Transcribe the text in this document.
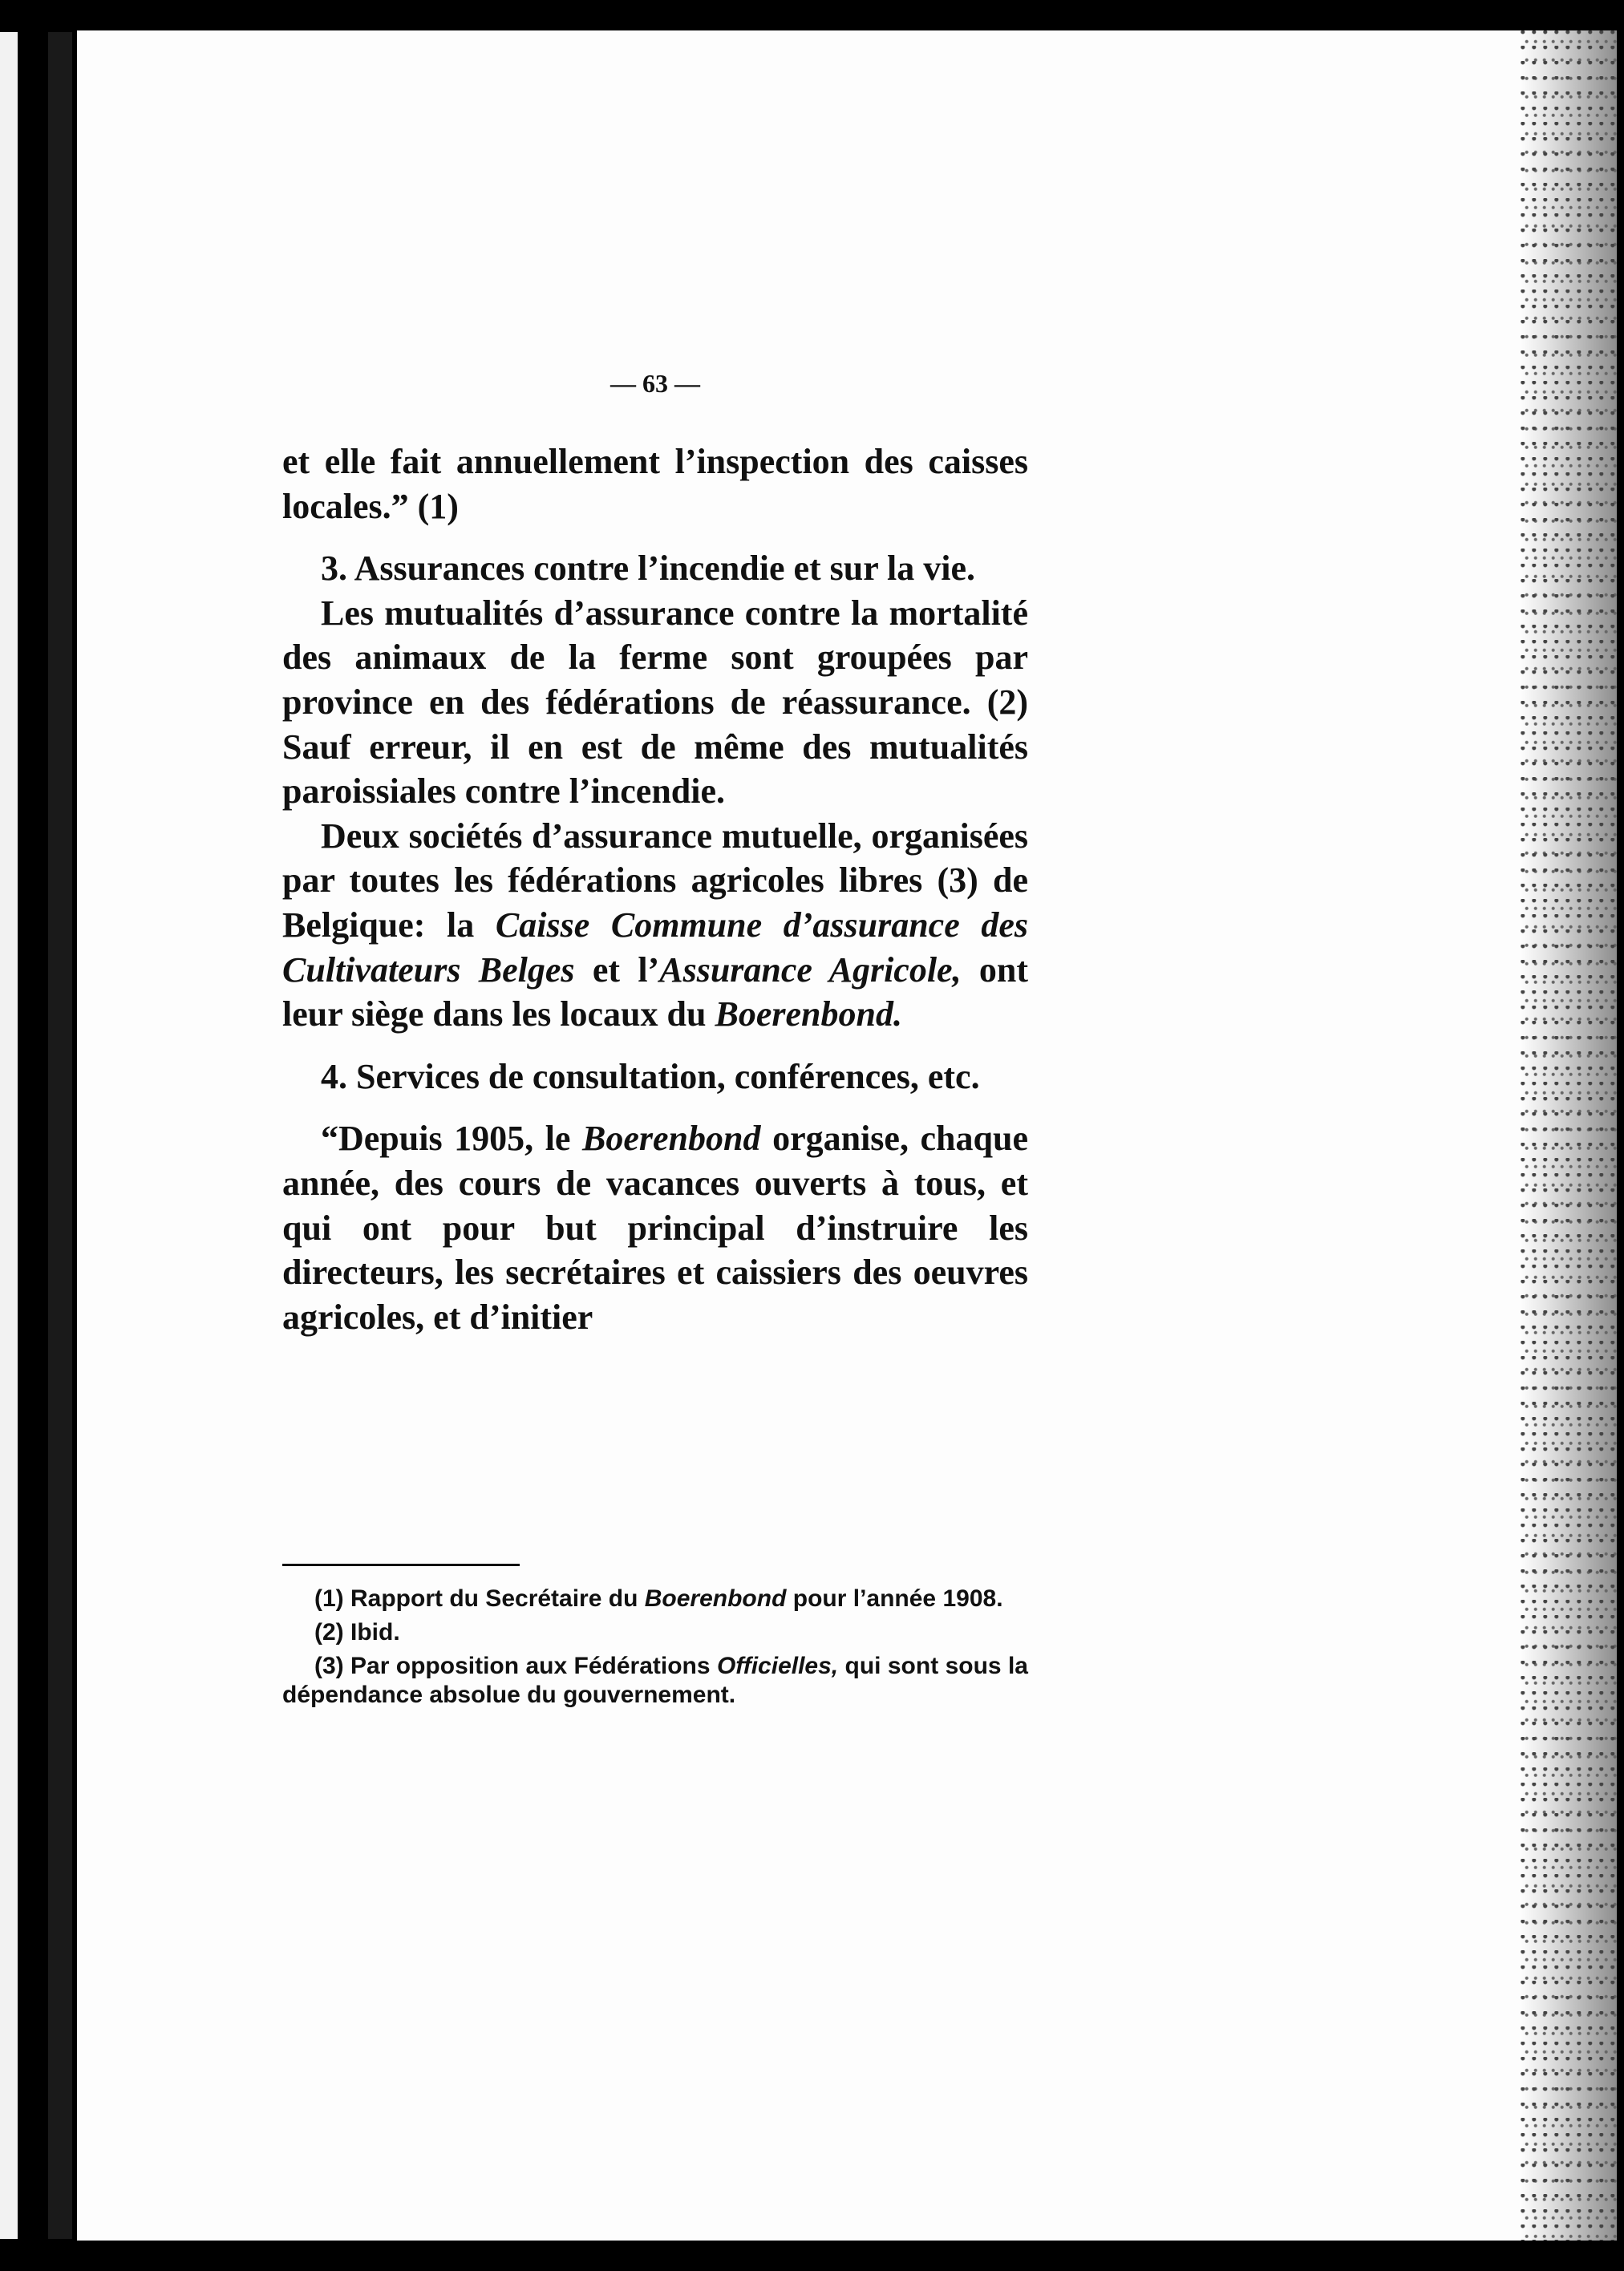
— 63 —

et elle fait annuellement l’inspection des caisses locales.” (1)

3. Assurances contre l’incendie et sur la vie.

Les mutualités d’assurance contre la mortalité des animaux de la ferme sont groupées par province en des fédérations de réassurance. (2) Sauf erreur, il en est de même des mutualités paroissiales contre l’incendie.

Deux sociétés d’assurance mutuelle, organisées par toutes les fédérations agricoles libres (3) de Belgique: la Caisse Commune d’assurance des Cultivateurs Belges et l’Assurance Agricole, ont leur siège dans les locaux du Boerenbond.

4. Services de consultation, conférences, etc.

“Depuis 1905, le Boerenbond organise, chaque année, des cours de vacances ouverts à tous, et qui ont pour but principal d’instruire les directeurs, les secrétaires et caissiers des oeuvres agricoles, et d’initier

(1) Rapport du Secrétaire du Boerenbond pour l’année 1908.

(2) Ibid.

(3) Par opposition aux Fédérations Officielles, qui sont sous la dépendance absolue du gouvernement.
